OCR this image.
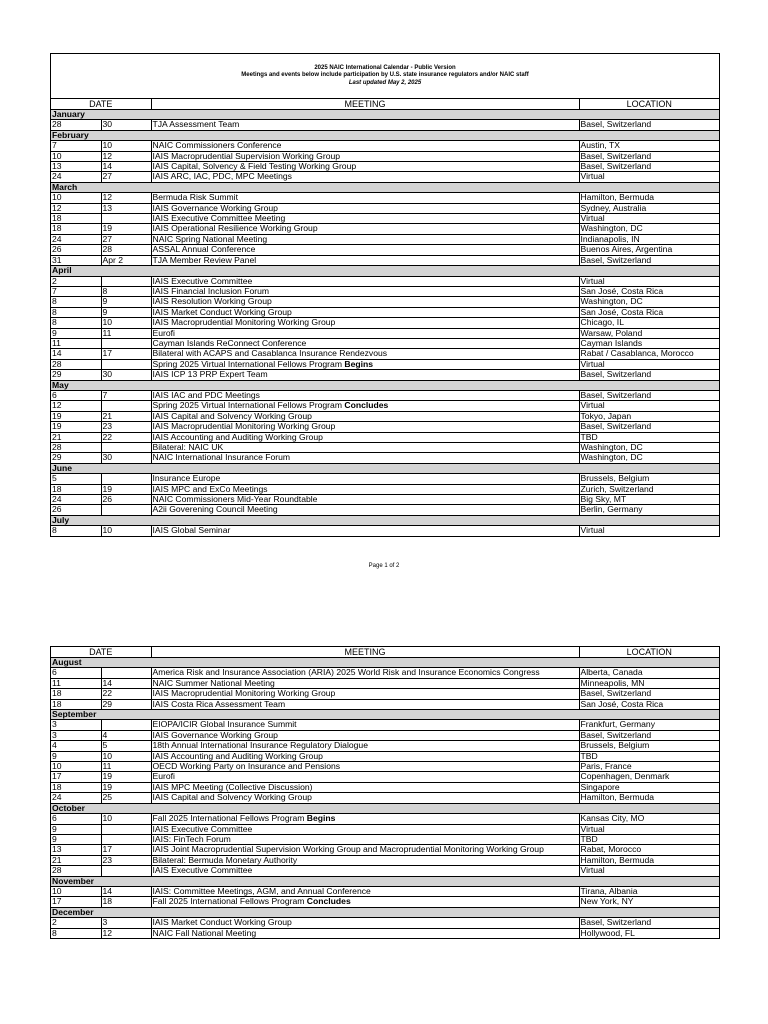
2025 NAIC International Calendar - Public Version
Meetings and events below include participation by U.S. state insurance regulators and/or NAIC staff
Last updated May 2, 2025
DATE		MEETING	LOCATION
January			
28	30	TJA Assessment Team	Basel, Switzerland
February			
7	10	NAIC Commissioners Conference	Austin, TX
10	12	IAIS Macroprudential Supervision Working Group	Basel, Switzerland
13	14	IAIS Capital, Solvency & Field Testing Working Group	Basel, Switzerland
24	27	IAIS ARC, IAC, PDC, MPC Meetings	Virtual
March			
10	12	Bermuda Risk Summit	Hamilton, Bermuda
12	13	IAIS Governance Working Group	Sydney, Australia
18		IAIS Executive Committee Meeting	Virtual
18	19	IAIS Operational Resilience Working Group	Washington, DC
24	27	NAIC Spring National Meeting	Indianapolis, IN
26	28	ASSAL Annual Conference	Buenos Aires, Argentina
31	Apr 2	TJA Member Review Panel	Basel, Switzerland
April			
2		IAIS Executive Committee	Virtual
7	8	IAIS Financial Inclusion Forum	San José, Costa Rica
8	9	IAIS Resolution Working Group	Washington, DC
8	9	IAIS Market Conduct Working Group	San José, Costa Rica
8	10	IAIS Macroprudential Monitoring Working Group	Chicago, IL
9	11	Eurofi	Warsaw, Poland
11		Cayman Islands ReConnect Conference	Cayman Islands
14	17	Bilateral with ACAPS and Casablanca Insurance Rendezvous	Rabat / Casablanca, Morocco
28		Spring 2025 Virtual International Fellows Program Begins	Virtual
29	30	IAIS ICP 13 PRP Expert Team	Basel, Switzerland
May			
6	7	IAIS IAC and PDC Meetings	Basel, Switzerland
12		Spring 2025 Virtual International Fellows Program Concludes	Virtual
19	21	IAIS Capital and Solvency Working Group	Tokyo, Japan
19	23	IAIS Macroprudential Monitoring Working Group	Basel, Switzerland
21	22	IAIS Accounting and Auditing Working Group	TBD
28		Bilateral: NAIC UK	Washington, DC
29	30	NAIC International Insurance Forum	Washington, DC
June			
5		Insurance Europe	Brussels, Belgium
18	19	IAIS MPC and ExCo Meetings	Zurich, Switzerland
24	26	NAIC Commissioners Mid-Year Roundtable	Big Sky, MT
26		A2ii Goverening Council Meeting	Berlin, Germany
July			
8	10	IAIS Global Seminar	Virtual
Page 1 of 2
DATE		MEETING	LOCATION
August			
6		America Risk and Insurance Association (ARIA) 2025 World Risk and Insurance Economics Congress	Alberta, Canada
11	14	NAIC Summer National Meeting	Minneapolis, MN
18	22	IAIS Macroprudential Monitoring Working Group	Basel, Switzerland
18	29	IAIS Costa Rica Assessment Team	San José, Costa Rica
September			
3		EIOPA/ICIR Global Insurance Summit	Frankfurt, Germany
3	4	IAIS Governance Working Group	Basel, Switzerland
4	5	18th Annual International Insurance Regulatory Dialogue	Brussels, Belgium
9	10	IAIS Accounting and Auditing Working Group	TBD
10	11	OECD Working Party on Insurance and Pensions	Paris, France
17	19	Eurofi	Copenhagen, Denmark
18	19	IAIS MPC Meeting (Collective Discussion)	Singapore
24	25	IAIS Capital and Solvency Working Group	Hamilton, Bermuda
October			
6	10	Fall 2025 International Fellows Program Begins	Kansas City, MO
9		IAIS Executive Committee	Virtual
9		IAIS: FinTech Forum	TBD
13	17	IAIS Joint Macroprudential Supervision Working Group and Macroprudential Monitoring Working Group	Rabat, Morocco
21	23	Bilateral: Bermuda Monetary Authority	Hamilton, Bermuda
28		IAIS Executive Committee	Virtual
November			
10	14	IAIS: Committee Meetings, AGM, and Annual Conference	Tirana, Albania
17	18	Fall 2025 International Fellows Program Concludes	New York, NY
December			
2	3	IAIS Market Conduct Working Group	Basel, Switzerland
8	12	NAIC Fall National Meeting	Hollywood, FL
